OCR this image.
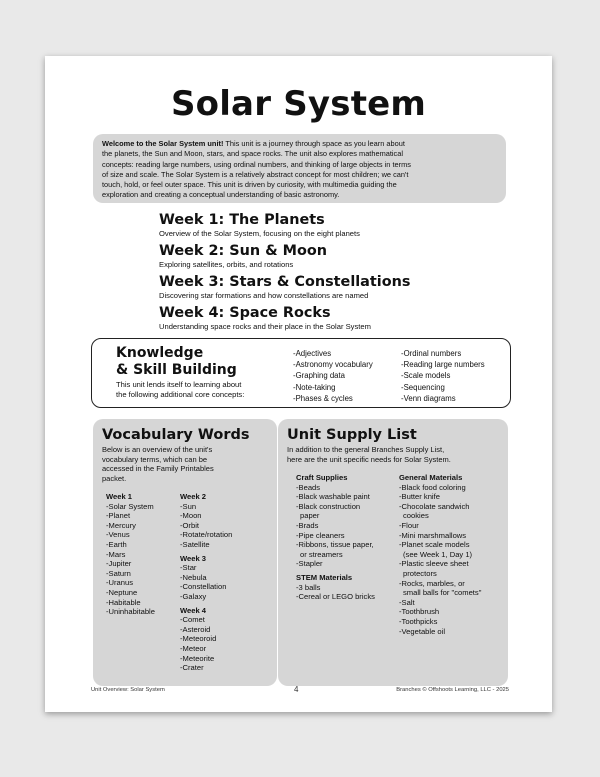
Solar System
Welcome to the Solar System unit! This unit is a journey through space as you learn about
the planets, the Sun and Moon, stars, and space rocks. The unit also explores mathematical
concepts: reading large numbers, using ordinal numbers, and thinking of large objects in terms
of size and scale. The Solar System is a relatively abstract concept for most children; we can't
touch, hold, or feel outer space. This unit is driven by curiosity, with multimedia guiding the
exploration and creating a conceptual understanding of basic astronomy.
Week 1: The Planets
Overview of the Solar System, focusing on the eight planets
Week 2: Sun & Moon
Exploring satellites, orbits, and rotations
Week 3: Stars & Constellations
Discovering star formations and how constellations are named
Week 4: Space Rocks
Understanding space rocks and their place in the Solar System
Knowledge
& Skill Building
This unit lends itself to learning about
the following additional core concepts:
-Adjectives
-Astronomy vocabulary
-Graphing data
-Note-taking
-Phases & cycles
-Ordinal numbers
-Reading large numbers
-Scale models
-Sequencing
-Venn diagrams
Vocabulary Words
Below is an overview of the unit's
vocabulary terms, which can be
accessed in the Family Printables
packet.
Week 1
-Solar System
-Planet
-Mercury
-Venus
-Earth
-Mars
-Jupiter
-Saturn
-Uranus
-Neptune
-Habitable
-Uninhabitable
Week 2
-Sun
-Moon
-Orbit
-Rotate/rotation
-Satellite
Week 3
-Star
-Nebula
-Constellation
-Galaxy
Week 4
-Comet
-Asteroid
-Meteoroid
-Meteor
-Meteorite
-Crater
Unit Supply List
In addition to the general Branches Supply List,
here are the unit specific needs for Solar System.
Craft Supplies
-Beads
-Black washable paint
-Black construction
paper
-Brads
-Pipe cleaners
-Ribbons, tissue paper,
or streamers
-Stapler
STEM Materials
-3 balls
-Cereal or LEGO bricks
General Materials
-Black food coloring
-Butter knife
-Chocolate sandwich
cookies
-Flour
-Mini marshmallows
-Planet scale models
(see Week 1, Day 1)
-Plastic sleeve sheet
protectors
-Rocks, marbles, or
small balls for "comets"
-Salt
-Toothbrush
-Toothpicks
-Vegetable oil
Unit Overview: Solar System	4	Branches © Offshoots Learning, LLC - 2025
